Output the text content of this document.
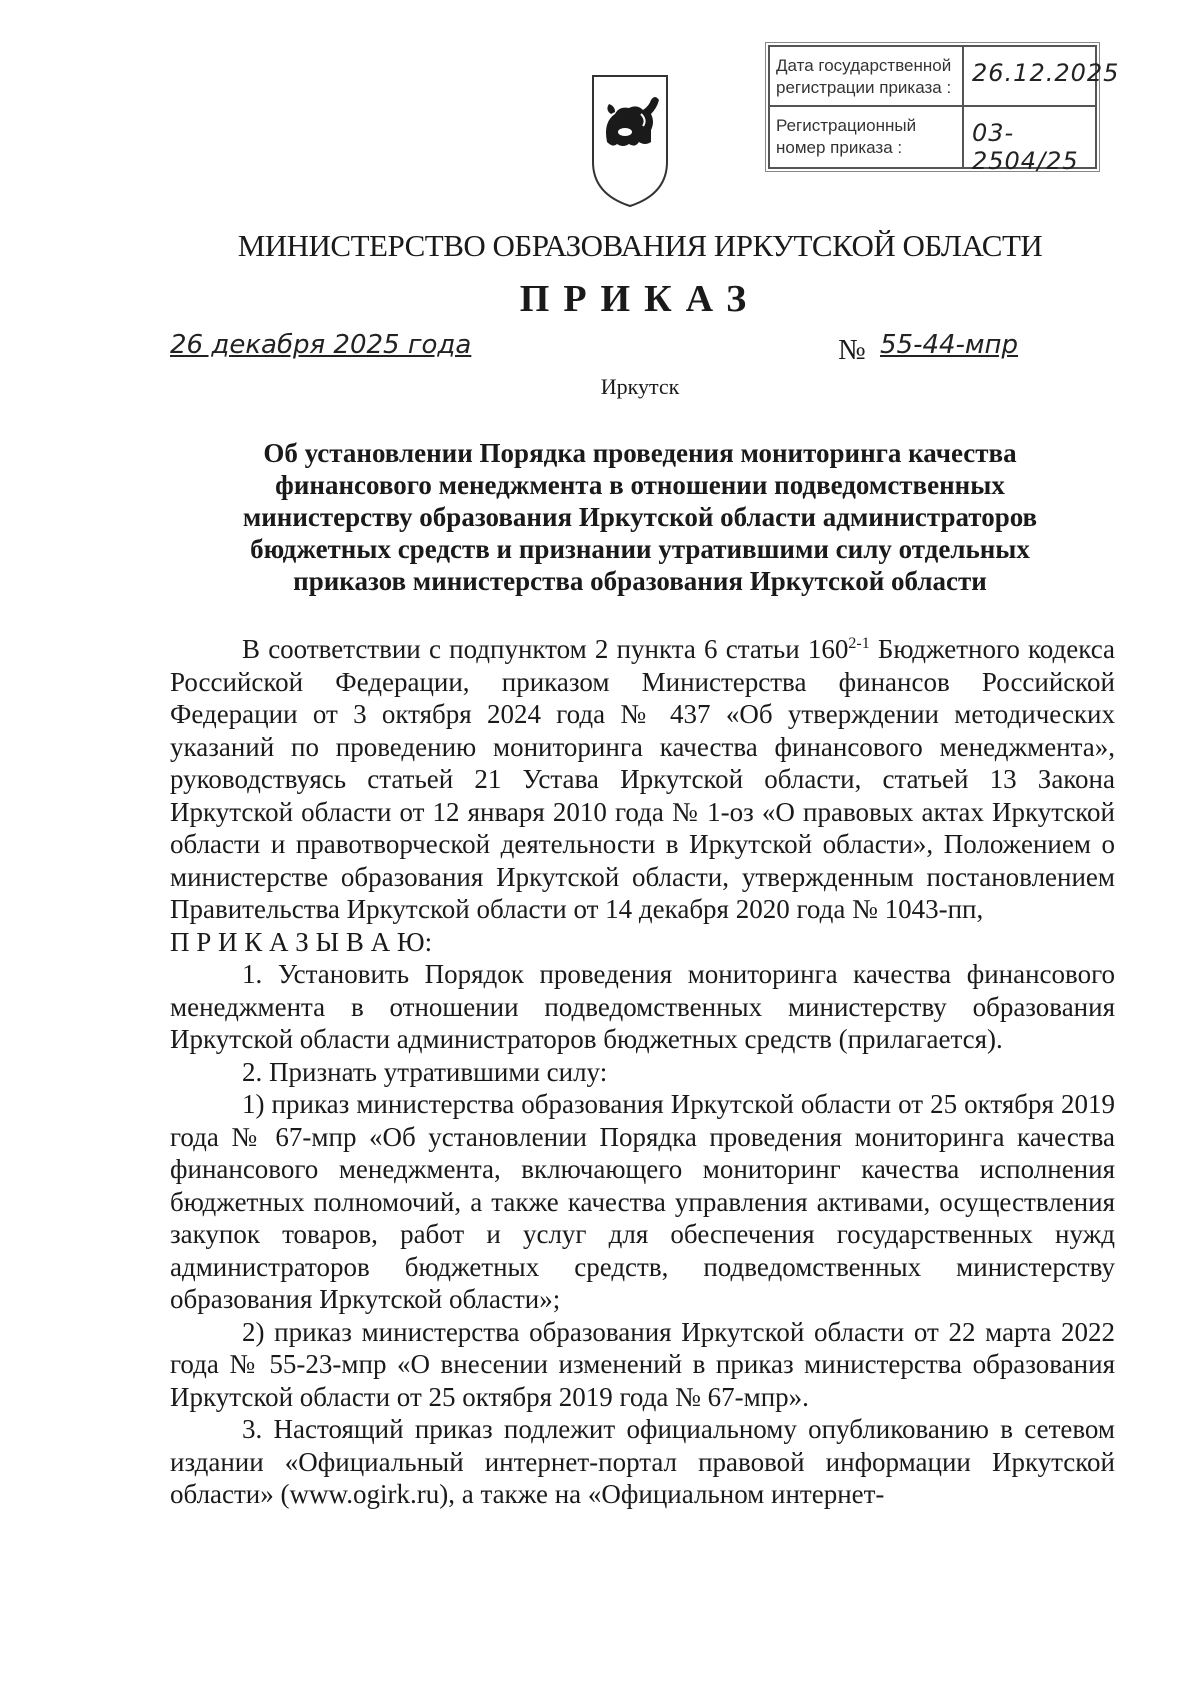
Дата государственной регистрации приказа :
26.12.2025
Регистрационный номер приказа :
03-2504/25
МИНИСТЕРСТВО ОБРАЗОВАНИЯ ИРКУТСКОЙ ОБЛАСТИ
ПРИКАЗ
26 декабря 2025 года	№ 55-44-мпр
Иркутск
Об установлении Порядка проведения мониторинга качества финансового менеджмента в отношении подведомственных министерству образования Иркутской области администраторов бюджетных средств и признании утратившими силу отдельных приказов министерства образования Иркутской области

В соответствии с подпунктом 2 пункта 6 статьи 160$^{2-1}$ Бюджетного кодекса Российской Федерации, приказом Министерства финансов Российской Федерации от 3 октября 2024 года № 437 «Об утверждении методических указаний по проведению мониторинга качества финансового менеджмента», руководствуясь статьей 21 Устава Иркутской области, статьей 13 Закона Иркутской области от 12 января 2010 года № 1-оз «О правовых актах Иркутской области и правотворческой деятельности в Иркутской области», Положением о министерстве образования Иркутской области, утвержденным постановлением Правительства Иркутской области от 14 декабря 2020 года № 1043-пп,

П Р И К А З Ы В А Ю:

1. Установить Порядок проведения мониторинга качества финансового менеджмента в отношении подведомственных министерству образования Иркутской области администраторов бюджетных средств (прилагается).

2. Признать утратившими силу:

1) приказ министерства образования Иркутской области от 25 октября 2019 года № 67-мпр «Об установлении Порядка проведения мониторинга качества финансового менеджмента, включающего мониторинг качества исполнения бюджетных полномочий, а также качества управления активами, осуществления закупок товаров, работ и услуг для обеспечения государственных нужд администраторов бюджетных средств, подведомственных министерству образования Иркутской области»;

2) приказ министерства образования Иркутской области от 22 марта 2022 года № 55-23-мпр «О внесении изменений в приказ министерства образования Иркутской области от 25 октября 2019 года № 67-мпр».

3. Настоящий приказ подлежит официальному опубликованию в сетевом издании «Официальный интернет-портал правовой информации Иркутской области» (www.ogirk.ru), а также на «Официальном интернет-
